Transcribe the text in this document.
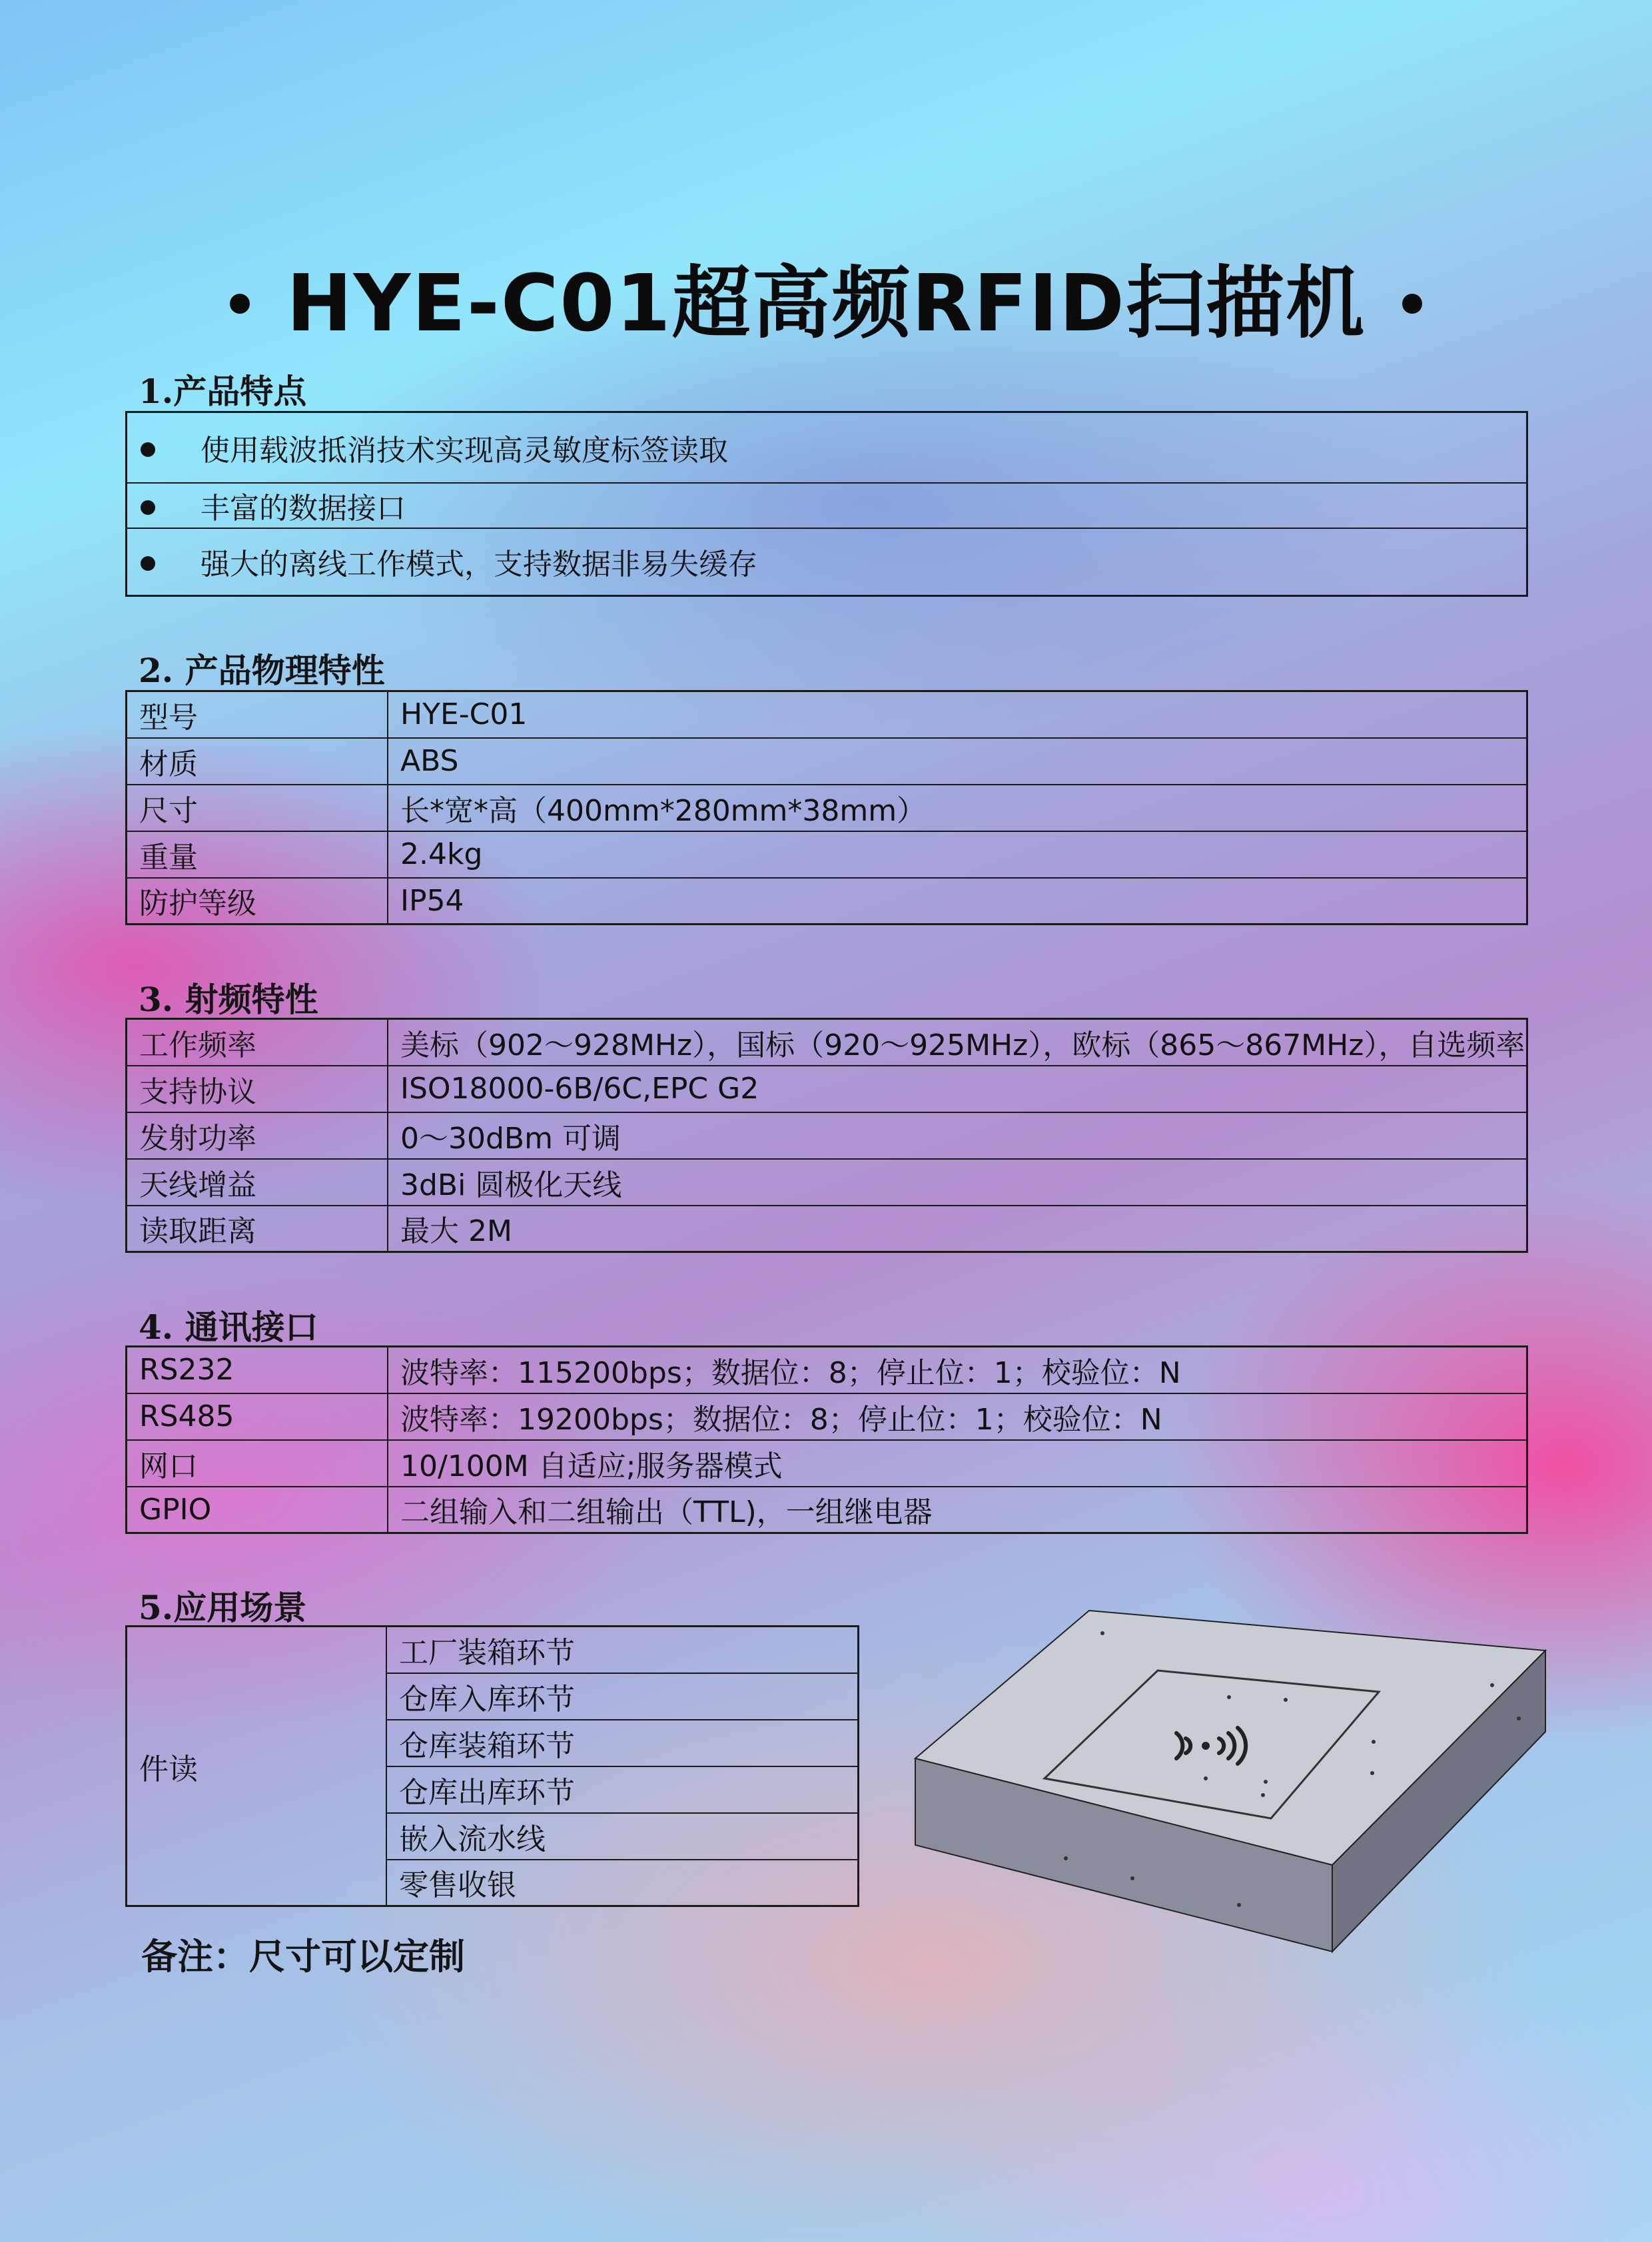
HYE-C01超高频RFID扫描机
1.产品特点
使用载波抵消技术实现高灵敏度标签读取
丰富的数据接口
强大的离线工作模式，支持数据非易失缓存
2. 产品物理特性
型号	HYE-C01
材质	ABS
尺寸	长*宽*高（400mm*280mm*38mm）
重量	2.4kg
防护等级	IP54
3. 射频特性
工作频率	美标（902～928MHz），国标（920～925MHz），欧标（865～867MHz），自选频率
支持协议	ISO18000-6B/6C,EPC G2
发射功率	0～30dBm 可调
天线增益	3dBi 圆极化天线
读取距离	最大 2M
4. 通讯接口
RS232	波特率：115200bps；数据位：8；停止位：1；校验位：N
RS485	波特率：19200bps；数据位：8；停止位：1；校验位：N
网口	10/100M 自适应;服务器模式
GPIO	二组输入和二组输出（TTL)，一组继电器
5.应用场景
件读	工厂装箱环节
仓库入库环节
仓库装箱环节
仓库出库环节
嵌入流水线
零售收银
备注：尺寸可以定制
